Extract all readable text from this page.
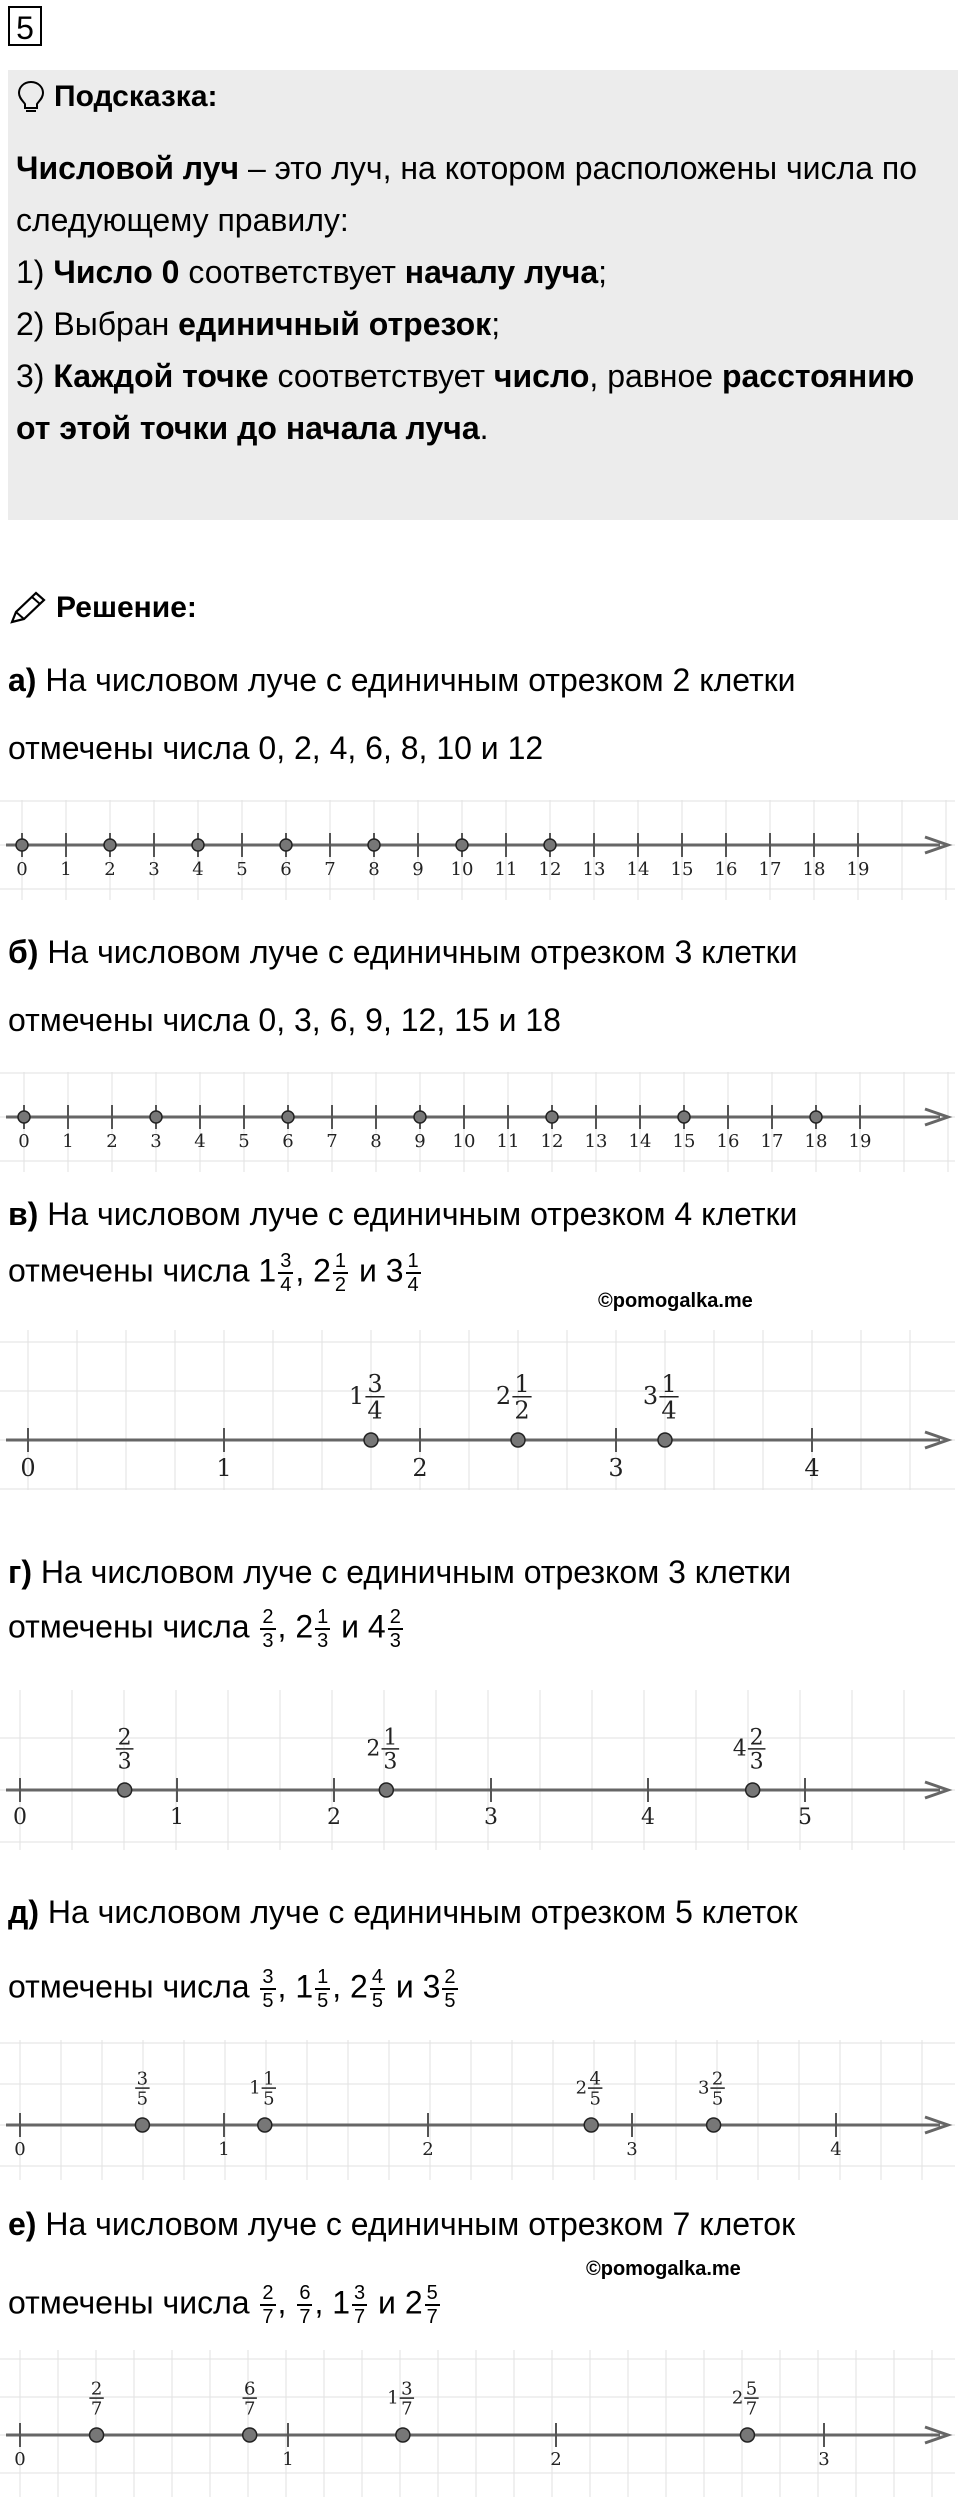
5
Подсказка:
Числовой луч – это луч, на котором расположены числа по
следующему правилу:
1) Число 0 соответствует началу луча;
2) Выбран единичный отрезок;
3) Каждой точке соответствует число, равное расстоянию
от этой точки до начала луча.
Решение:
а) На числовом луче с единичным отрезком 2 клетки
отмечены числа 0, 2, 4, 6, 8, 10 и 12
0 1 2 3 4 5 6 7 8 9 10 11 12 13 14 15 16 17 18 19
б) На числовом луче с единичным отрезком 3 клетки
отмечены числа 0, 3, 6, 9, 12, 15 и 18
0 1 2 3 4 5 6 7 8 9 10 11 12 13 14 15 16 17 18 19
в) На числовом луче с единичным отрезком 4 клетки
отмечены числа $1 \frac{3}{4}$ , $2 \frac{1}{2}$ и $3 \frac{1}{4}$
©pomogalka.me
0	1	2	3	4
1 3
4
2 1
2
3 1
4
г) На числовом луче с единичным отрезком 3 клетки
отмечены числа $\frac{2}{3}$ , $2 \frac{1}{3}$ и $4 \frac{2}{3}$
0	1	2	3	4	5
2
3
2 1
3
4 2
3
д) На числовом луче с единичным отрезком 5 клеток
отмечены числа $\frac{3}{5}$ , $1 \frac{1}{5}$ , $2 \frac{4}{5}$ и $3 \frac{2}{5}$
0	1	2	3	4
3
5
1 1
5
2 4
5
3 2
5
е) На числовом луче с единичным отрезком 7 клеток
©pomogalka.me
отмечены числа $\frac{2}{7}$ , $\frac{6}{7}$ , $1 \frac{3}{7}$ и $2 \frac{5}{7}$
0	1	2	3
2
7
6
7
1 3
7
2 5
7
